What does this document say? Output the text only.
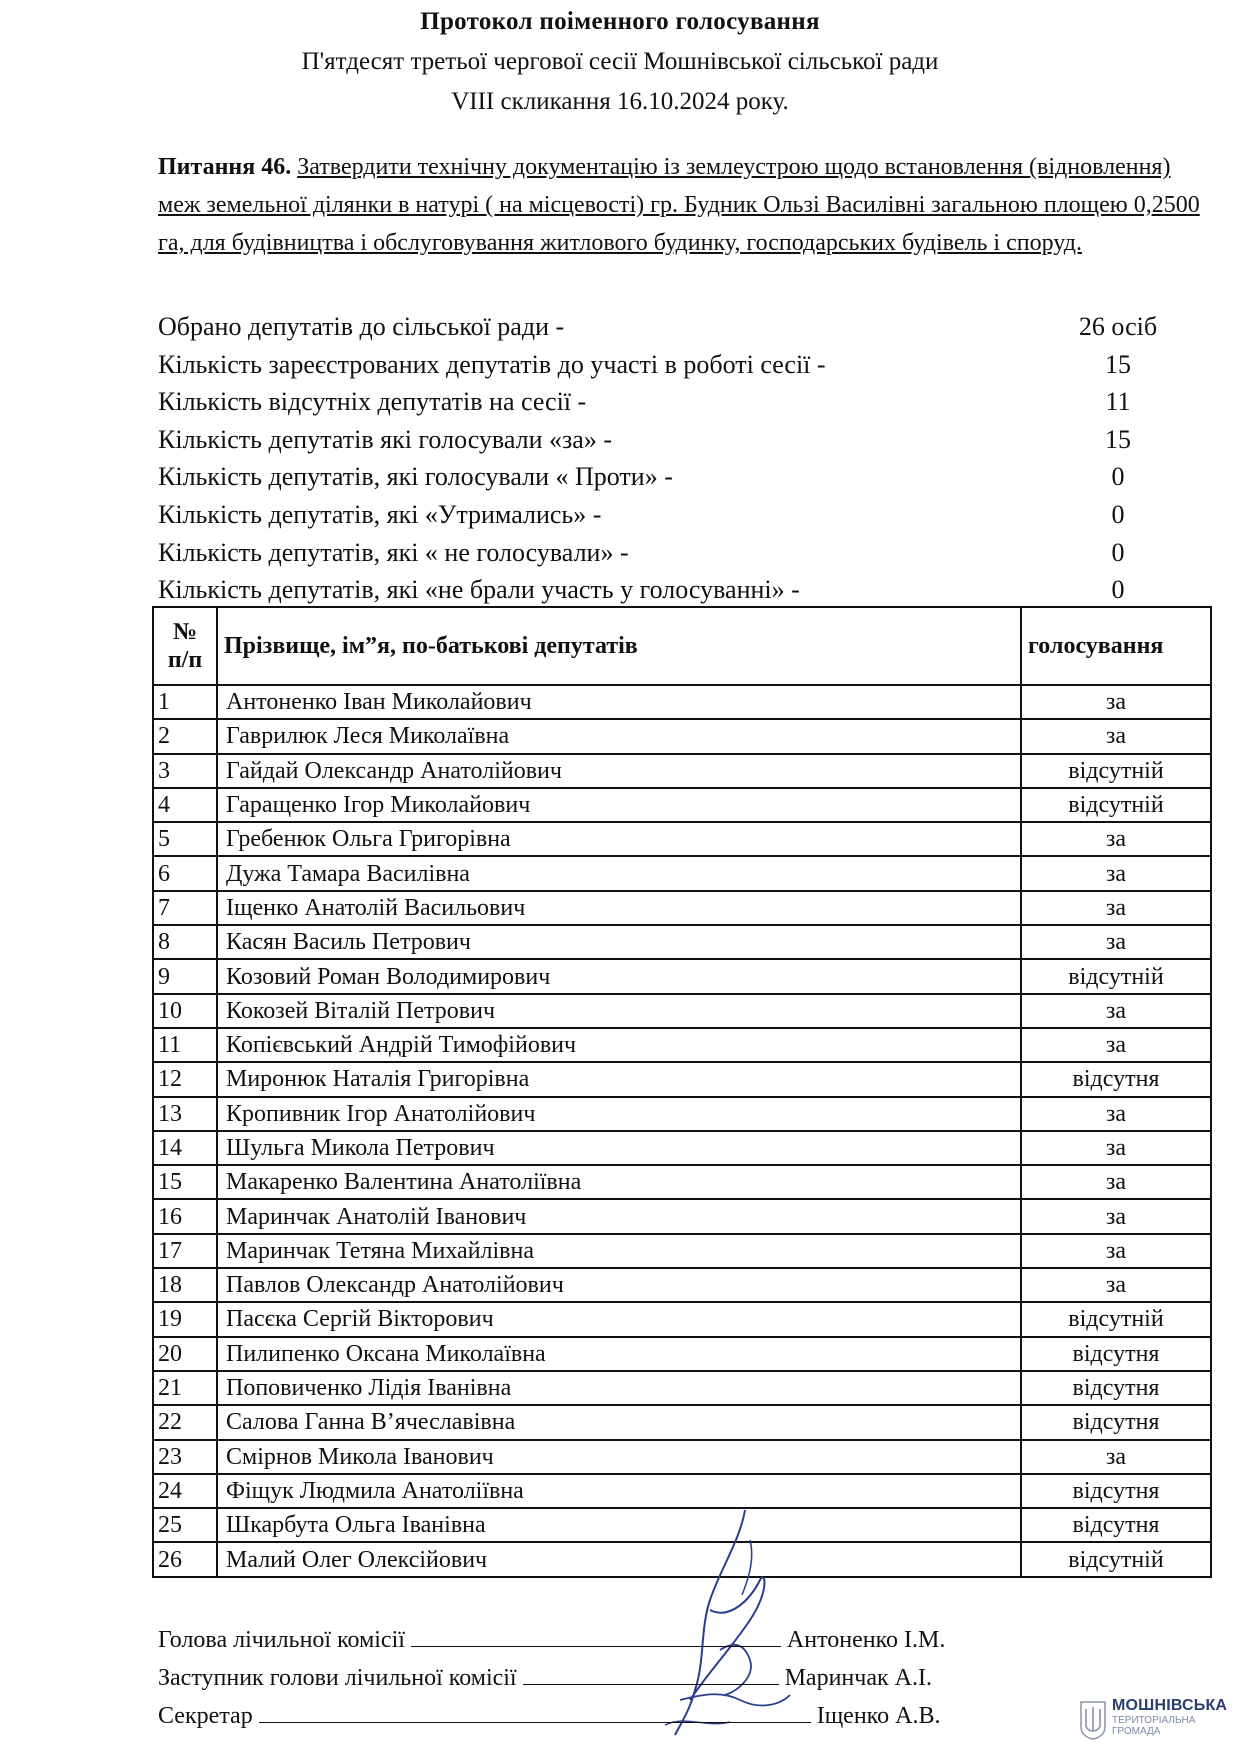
Протокол поіменного голосування
П'ятдесят третьої чергової сесії Мошнівської сільської ради
VIII скликання 16.10.2024 року.
Питання 46. Затвердити технічну документацію із землеустрою щодо встановлення (відновлення) меж земельної ділянки в натурі ( на місцевості) гр. Будник Ользі Василівні загальною площею 0,2500 га, для будівництва і обслуговування житлового будинку, господарських будівель і споруд.
Обрано депутатів до сільської ради -	26 осіб
Кількість зареєстрованих депутатів до участі в роботі сесії -	15
Кількість відсутніх депутатів на сесії -	11
Кількість депутатів які голосували «за» -	15
Кількість депутатів, які голосували « Проти» -	0
Кількість депутатів, які «Утримались» -	0
Кількість депутатів, які « не голосували» -	0
Кількість депутатів, які «не брали участь у голосуванні» -	0
№
п/п	Прізвище, ім”я, по-батькові депутатів	голосування
1	Антоненко Іван Миколайович	за
2	Гаврилюк Леся Миколаївна	за
3	Гайдай Олександр Анатолійович	відсутній
4	Гаращенко Ігор Миколайович	відсутній
5	Гребенюк Ольга Григорівна	за
6	Дужа Тамара Василівна	за
7	Іщенко Анатолій Васильович	за
8	Касян Василь Петрович	за
9	Козовий Роман Володимирович	відсутній
10	Кокозей Віталій Петрович	за
11	Копієвський Андрій Тимофійович	за
12	Миронюк Наталія Григорівна	відсутня
13	Кропивник Ігор Анатолійович	за
14	Шульга Микола Петрович	за
15	Макаренко Валентина Анатоліївна	за
16	Маринчак Анатолій Іванович	за
17	Маринчак Тетяна Михайлівна	за
18	Павлов Олександр Анатолійович	за
19	Пасєка Сергій Вікторович	відсутній
20	Пилипенко Оксана Миколаївна	відсутня
21	Поповиченко Лідія Іванівна	відсутня
22	Салова Ганна В’ячеславівна	відсутня
23	Смірнов Микола Іванович	за
24	Фіщук Людмила Анатоліївна	відсутня
25	Шкарбута Ольга Іванівна	відсутня
26	Малий Олег Олексійович	відсутній
Голова лічильної комісії	Антоненко І.М.
Заступник голови лічильної комісії	Маринчак А.І.
Секретар	Іщенко А.В.	МОШНІВСЬКА
ТЕРИТОРІАЛЬНА ГРОМАДА
